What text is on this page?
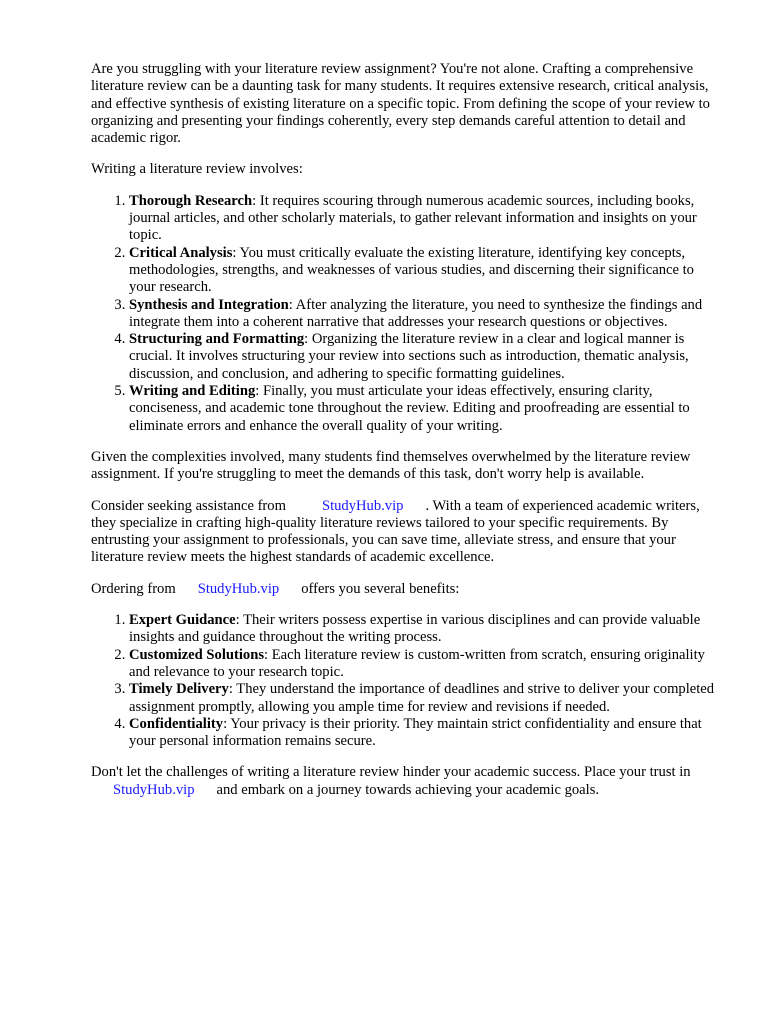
Are you struggling with your literature review assignment? You're not alone. Crafting a comprehensive literature review can be a daunting task for many students. It requires extensive research, critical analysis, and effective synthesis of existing literature on a specific topic. From defining the scope of your review to organizing and presenting your findings coherently, every step demands careful attention to detail and academic rigor.

Writing a literature review involves:

1. Thorough Research: It requires scouring through numerous academic sources, including books, journal articles, and other scholarly materials, to gather relevant information and insights on your topic.
2. Critical Analysis: You must critically evaluate the existing literature, identifying key concepts, methodologies, strengths, and weaknesses of various studies, and discerning their significance to your research.
3. Synthesis and Integration: After analyzing the literature, you need to synthesize the findings and integrate them into a coherent narrative that addresses your research questions or objectives.
4. Structuring and Formatting: Organizing the literature review in a clear and logical manner is crucial. It involves structuring your review into sections such as introduction, thematic analysis, discussion, and conclusion, and adhering to specific formatting guidelines.
5. Writing and Editing: Finally, you must articulate your ideas effectively, ensuring clarity, conciseness, and academic tone throughout the review. Editing and proofreading are essential to eliminate errors and enhance the overall quality of your writing.

Given the complexities involved, many students find themselves overwhelmed by the literature review assignment. If you're struggling to meet the demands of this task, don't worry help is available.

Consider seeking assistance from StudyHub.vip . With a team of experienced academic writers, they specialize in crafting high-quality literature reviews tailored to your specific requirements. By entrusting your assignment to professionals, you can save time, alleviate stress, and ensure that your literature review meets the highest standards of academic excellence.

Ordering from StudyHub.vip offers you several benefits:

1. Expert Guidance: Their writers possess expertise in various disciplines and can provide valuable insights and guidance throughout the writing process.
2. Customized Solutions: Each literature review is custom-written from scratch, ensuring originality and relevance to your research topic.
3. Timely Delivery: They understand the importance of deadlines and strive to deliver your completed assignment promptly, allowing you ample time for review and revisions if needed.
4. Confidentiality: Your privacy is their priority. They maintain strict confidentiality and ensure that your personal information remains secure.

Don't let the challenges of writing a literature review hinder your academic success. Place your trust inStudyHub.vip and embark on a journey towards achieving your academic goals.
